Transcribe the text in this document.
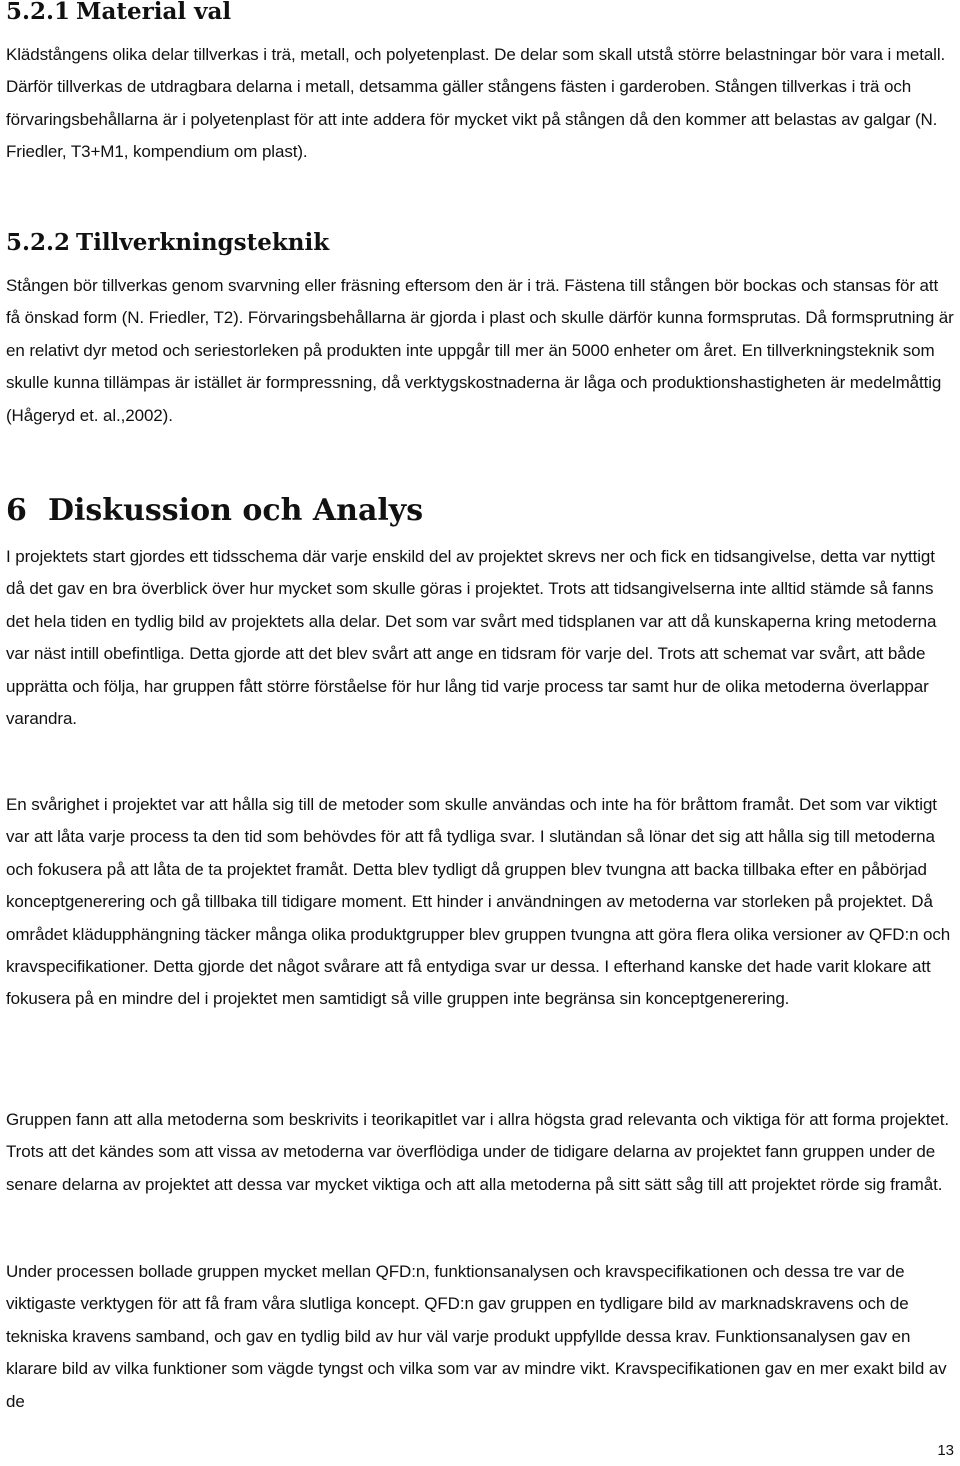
5.2.1 Material val

Klädstångens olika delar tillverkas i trä, metall, och polyetenplast. De delar som skall utstå större belastningar bör vara i metall. Därför tillverkas de utdragbara delarna i metall, detsamma gäller stångens fästen i garderoben. Stången tillverkas i trä och förvaringsbehållarna är i polyetenplast för att inte addera för mycket vikt på stången då den kommer att belastas av galgar (N. Friedler, T3+M1, kompendium om plast).

5.2.2 Tillverkningsteknik

Stången bör tillverkas genom svarvning eller fräsning eftersom den är i trä. Fästena till stången bör bockas och stansas för att få önskad form (N. Friedler, T2). Förvaringsbehållarna är gjorda i plast och skulle därför kunna formsprutas. Då formsprutning är en relativt dyr metod och seriestorleken på produkten inte uppgår till mer än 5000 enheter om året. En tillverkningsteknik som skulle kunna tillämpas är istället är formpressning, då verktygskostnaderna är låga och produktionshastigheten är medelmåttig (Hågeryd et. al.,2002).

6 Diskussion och Analys

I projektets start gjordes ett tidsschema där varje enskild del av projektet skrevs ner och fick en tidsangivelse, detta var nyttigt då det gav en bra överblick över hur mycket som skulle göras i projektet. Trots att tidsangivelserna inte alltid stämde så fanns det hela tiden en tydlig bild av projektets alla delar. Det som var svårt med tidsplanen var att då kunskaperna kring metoderna var näst intill obefintliga. Detta gjorde att det blev svårt att ange en tidsram för varje del. Trots att schemat var svårt, att både upprätta och följa, har gruppen fått större förståelse för hur lång tid varje process tar samt hur de olika metoderna överlappar varandra.

En svårighet i projektet var att hålla sig till de metoder som skulle användas och inte ha för bråttom framåt. Det som var viktigt var att låta varje process ta den tid som behövdes för att få tydliga svar. I slutändan så lönar det sig att hålla sig till metoderna och fokusera på att låta de ta projektet framåt. Detta blev tydligt då gruppen blev tvungna att backa tillbaka efter en påbörjad konceptgenerering och gå tillbaka till tidigare moment. Ett hinder i användningen av metoderna var storleken på projektet. Då området klädupphängning täcker många olika produktgrupper blev gruppen tvungna att göra flera olika versioner av QFD:n och kravspecifikationer. Detta gjorde det något svårare att få entydiga svar ur dessa. I efterhand kanske det hade varit klokare att fokusera på en mindre del i projektet men samtidigt så ville gruppen inte begränsa sin konceptgenerering.

Gruppen fann att alla metoderna som beskrivits i teorikapitlet var i allra högsta grad relevanta och viktiga för att forma projektet. Trots att det kändes som att vissa av metoderna var överflödiga under de tidigare delarna av projektet fann gruppen under de senare delarna av projektet att dessa var mycket viktiga och att alla metoderna på sitt sätt såg till att projektet rörde sig framåt.

Under processen bollade gruppen mycket mellan QFD:n, funktionsanalysen och kravspecifikationen och dessa tre var de viktigaste verktygen för att få fram våra slutliga koncept. QFD:n gav gruppen en tydligare bild av marknadskravens och de tekniska kravens samband, och gav en tydlig bild av hur väl varje produkt uppfyllde dessa krav. Funktionsanalysen gav en klarare bild av vilka funktioner som vägde tyngst och vilka som var av mindre vikt. Kravspecifikationen gav en mer exakt bild av de

13
